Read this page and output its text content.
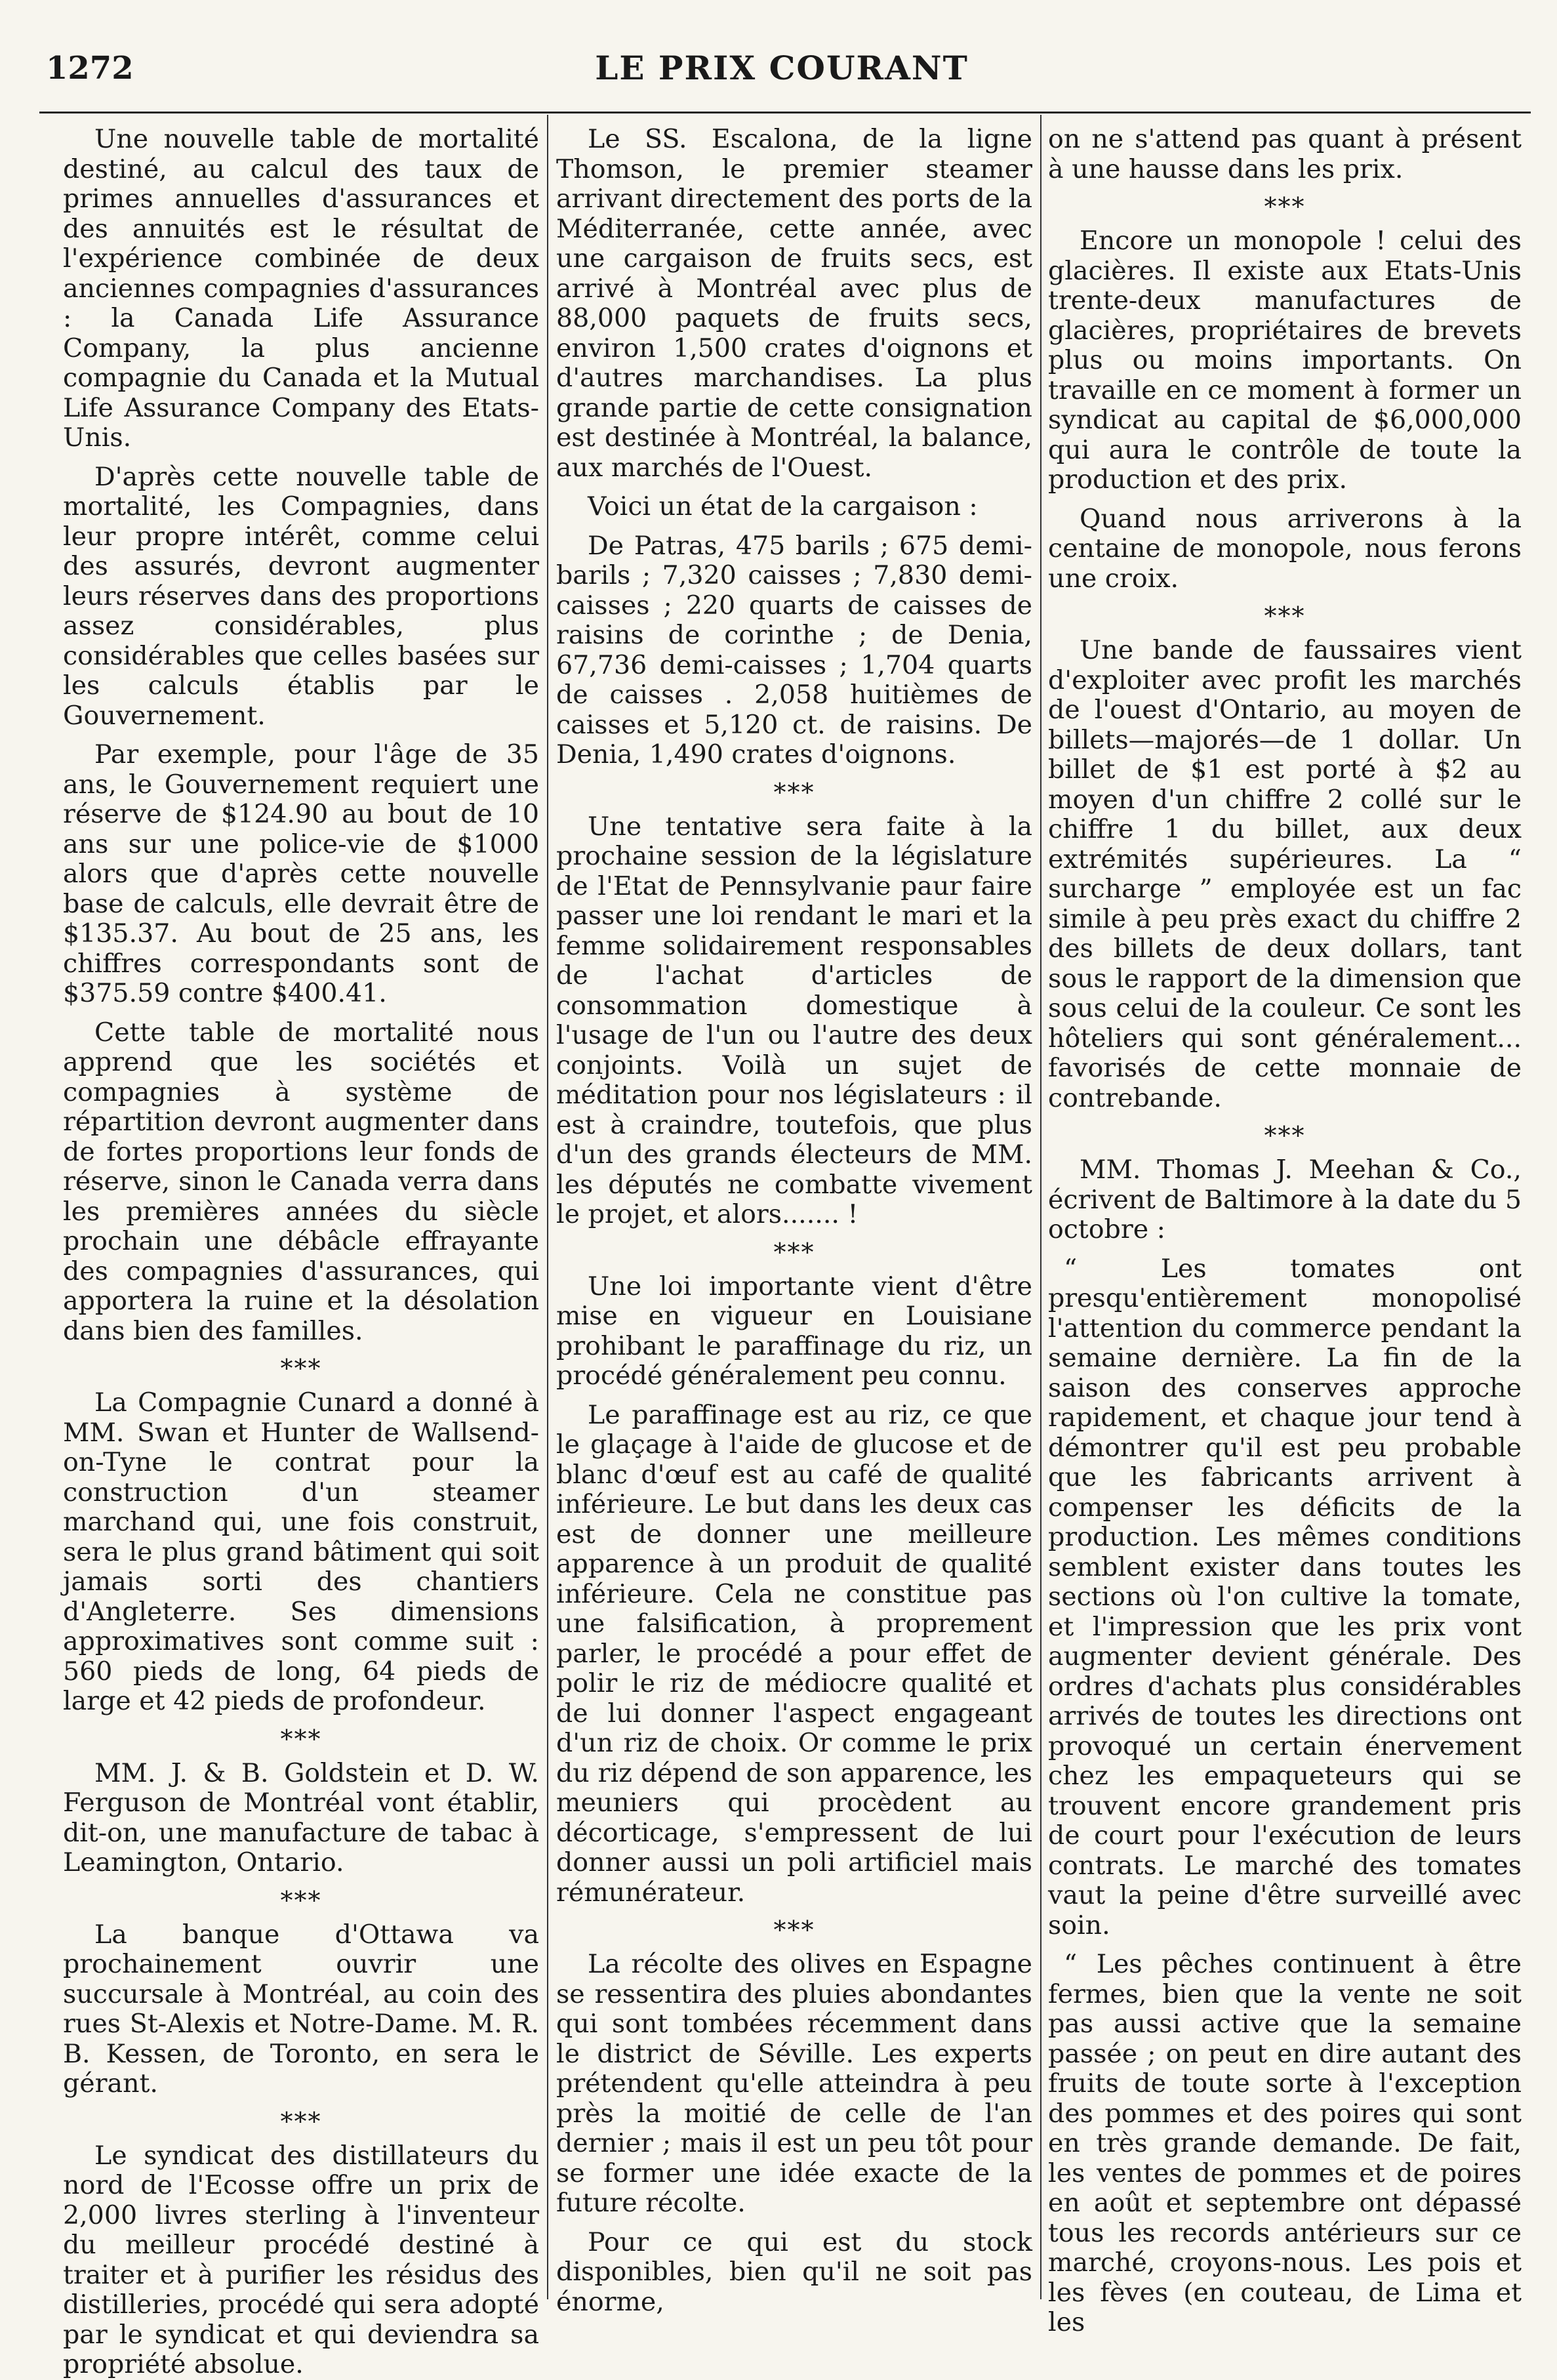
1272	LE PRIX COURANT

Une nouvelle table de mortalité destiné, au calcul des taux de primes annuelles d'assurances et des annuités est le résultat de l'expérience combinée de deux anciennes compagnies d'assurances : la Canada Life Assurance Company, la plus ancienne compagnie du Canada et la Mutual Life Assurance Company des Etats-Unis.

D'après cette nouvelle table de mortalité, les Compagnies, dans leur propre intérêt, comme celui des assurés, devront augmenter leurs réserves dans des proportions assez considérables, plus considérables que celles basées sur les calculs établis par le Gouvernement.

Par exemple, pour l'âge de 35 ans, le Gouvernement requiert une réserve de $124.90 au bout de 10 ans sur une police-vie de $1000 alors que d'après cette nouvelle base de calculs, elle devrait être de $135.37. Au bout de 25 ans, les chiffres correspondants sont de $375.59 contre $400.41.

Cette table de mortalité nous apprend que les sociétés et compagnies à système de répartition devront augmenter dans de fortes proportions leur fonds de réserve, sinon le Canada verra dans les premières années du siècle prochain une débâcle effrayante des compagnies d'assurances, qui apportera la ruine et la désolation dans bien des familles.

***

La Compagnie Cunard a donné à MM. Swan et Hunter de Wallsend-on-Tyne le contrat pour la construction d'un steamer marchand qui, une fois construit, sera le plus grand bâtiment qui soit jamais sorti des chantiers d'Angleterre. Ses dimensions approximatives sont comme suit : 560 pieds de long, 64 pieds de large et 42 pieds de profondeur.

***

MM. J. & B. Goldstein et D. W. Ferguson de Montréal vont établir, dit-on, une manufacture de tabac à Leamington, Ontario.

***

La banque d'Ottawa va prochainement ouvrir une succursale à Montréal, au coin des rues St-Alexis et Notre-Dame. M. R. B. Kessen, de Toronto, en sera le gérant.

***

Le syndicat des distillateurs du nord de l'Ecosse offre un prix de 2,000 livres sterling à l'inventeur du meilleur procédé destiné à traiter et à purifier les résidus des distilleries, procédé qui sera adopté par le syndicat et qui deviendra sa propriété absolue.

Le SS. Escalona, de la ligne Thomson, le premier steamer arrivant directement des ports de la Méditerranée, cette année, avec une cargaison de fruits secs, est arrivé à Montréal avec plus de 88,000 paquets de fruits secs, environ 1,500 crates d'oignons et d'autres marchandises. La plus grande partie de cette consignation est destinée à Montréal, la balance, aux marchés de l'Ouest.

Voici un état de la cargaison :

De Patras, 475 barils ; 675 demi-barils ; 7,320 caisses ; 7,830 demi-caisses ; 220 quarts de caisses de raisins de corinthe ; de Denia, 67,736 demi-caisses ; 1,704 quarts de caisses . 2,058 huitièmes de caisses et 5,120 ct. de raisins. De Denia, 1,490 crates d'oignons.

***

Une tentative sera faite à la prochaine session de la législature de l'Etat de Pennsylvanie paur faire passer une loi rendant le mari et la femme solidairement responsables de l'achat d'articles de consommation domestique à l'usage de l'un ou l'autre des deux conjoints. Voilà un sujet de méditation pour nos législateurs : il est à craindre, toutefois, que plus d'un des grands électeurs de MM. les députés ne combatte vivement le projet, et alors....... !

***

Une loi importante vient d'être mise en vigueur en Louisiane prohibant le paraffinage du riz, un procédé généralement peu connu.

Le paraffinage est au riz, ce que le glaçage à l'aide de glucose et de blanc d'œuf est au café de qualité inférieure. Le but dans les deux cas est de donner une meilleure apparence à un produit de qualité inférieure. Cela ne constitue pas une falsification, à proprement parler, le procédé a pour effet de polir le riz de médiocre qualité et de lui donner l'aspect engageant d'un riz de choix. Or comme le prix du riz dépend de son apparence, les meuniers qui procèdent au décorticage, s'empressent de lui donner aussi un poli artificiel mais rémunérateur.

***

La récolte des olives en Espagne se ressentira des pluies abondantes qui sont tombées récemment dans le district de Séville. Les experts prétendent qu'elle atteindra à peu près la moitié de celle de l'an dernier ; mais il est un peu tôt pour se former une idée exacte de la future récolte.

Pour ce qui est du stock disponibles, bien qu'il ne soit pas énorme,

on ne s'attend pas quant à présent à une hausse dans les prix.

***

Encore un monopole ! celui des glacières. Il existe aux Etats-Unis trente-deux manufactures de glacières, propriétaires de brevets plus ou moins importants. On travaille en ce moment à former un syndicat au capital de $6,000,000 qui aura le contrôle de toute la production et des prix.

Quand nous arriverons à la centaine de monopole, nous ferons une croix.

***

Une bande de faussaires vient d'exploiter avec profit les marchés de l'ouest d'Ontario, au moyen de billets—majorés—de 1 dollar. Un billet de $1 est porté à $2 au moyen d'un chiffre 2 collé sur le chiffre 1 du billet, aux deux extrémités supérieures. La “ surcharge ” employée est un fac simile à peu près exact du chiffre 2 des billets de deux dollars, tant sous le rapport de la dimension que sous celui de la couleur. Ce sont les hôteliers qui sont généralement... favorisés de cette monnaie de contrebande.

***

MM. Thomas J. Meehan & Co., écrivent de Baltimore à la date du 5 octobre :

“ Les tomates ont presqu'entièrement monopolisé l'attention du commerce pendant la semaine dernière. La fin de la saison des conserves approche rapidement, et chaque jour tend à démontrer qu'il est peu probable que les fabricants arrivent à compenser les déficits de la production. Les mêmes conditions semblent exister dans toutes les sections où l'on cultive la tomate, et l'impression que les prix vont augmenter devient générale. Des ordres d'achats plus considérables arrivés de toutes les directions ont provoqué un certain énervement chez les empaqueteurs qui se trouvent encore grandement pris de court pour l'exécution de leurs contrats. Le marché des tomates vaut la peine d'être surveillé avec soin.

“ Les pêches continuent à être fermes, bien que la vente ne soit pas aussi active que la semaine passée ; on peut en dire autant des fruits de toute sorte à l'exception des pommes et des poires qui sont en très grande demande. De fait, les ventes de pommes et de poires en août et septembre ont dépassé tous les records antérieurs sur ce marché, croyons-nous. Les pois et les fèves (en couteau, de Lima et les
